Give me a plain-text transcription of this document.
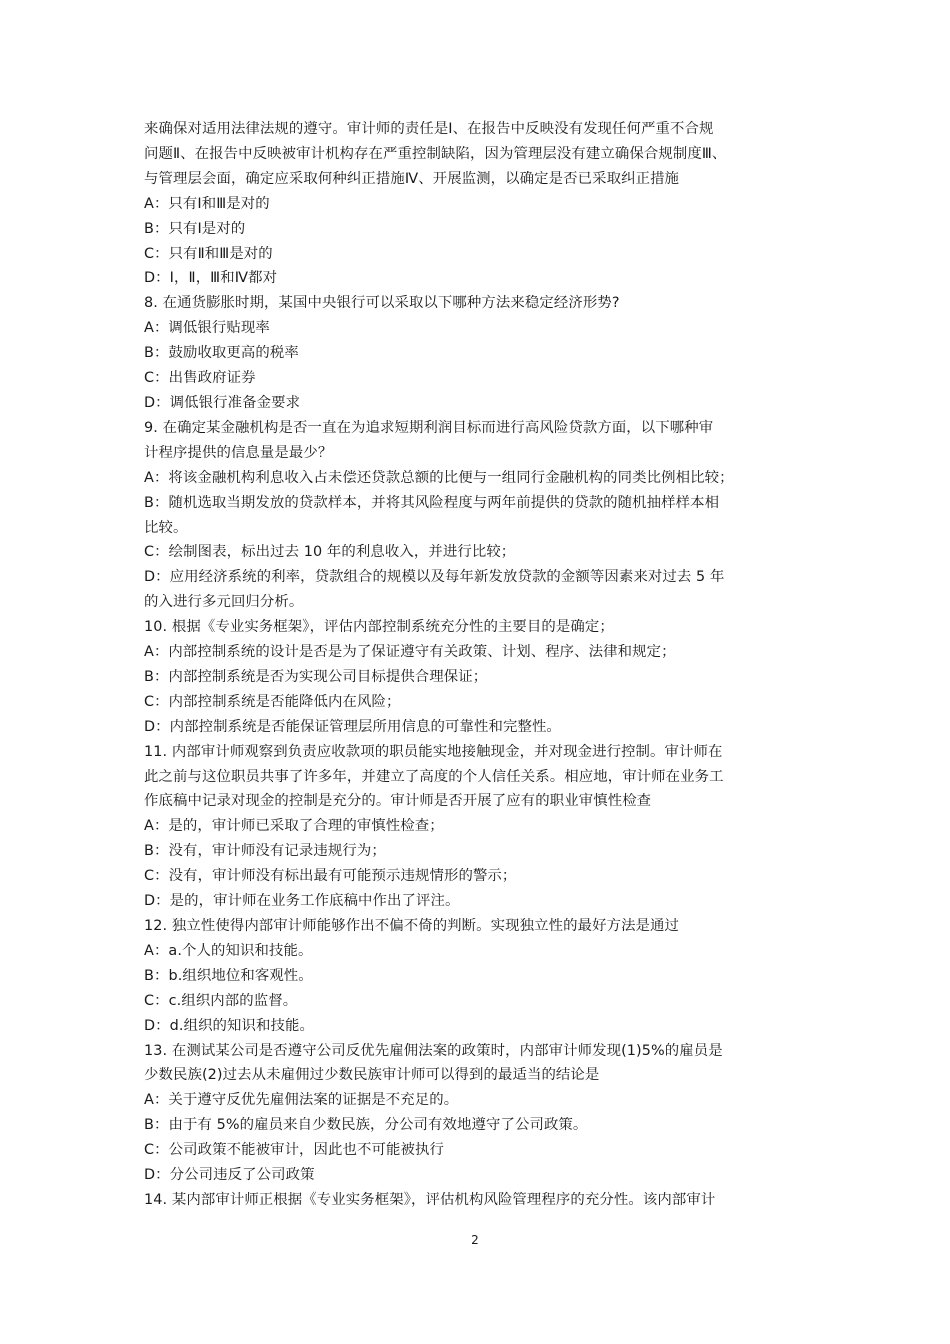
来确保对适用法律法规的遵守。审计师的责任是Ⅰ、在报告中反映没有发现任何严重不合规
问题Ⅱ、在报告中反映被审计机构存在严重控制缺陷，因为管理层没有建立确保合规制度Ⅲ、
与管理层会面，确定应采取何种纠正措施Ⅳ、开展监测，以确定是否已采取纠正措施
A：只有Ⅰ和Ⅲ是对的
B：只有Ⅰ是对的
C：只有Ⅱ和Ⅲ是对的
D：Ⅰ，Ⅱ，Ⅲ和Ⅳ都对
8. 在通货膨胀时期，某国中央银行可以采取以下哪种方法来稳定经济形势?
A：调低银行贴现率
B：鼓励收取更高的税率
C：出售政府证券
D：调低银行准备金要求
9. 在确定某金融机构是否一直在为追求短期利润目标而进行高风险贷款方面，以下哪种审
计程序提供的信息量是最少？
A：将该金融机构利息收入占未偿还贷款总额的比便与一组同行金融机构的同类比例相比较；
B：随机选取当期发放的贷款样本，并将其风险程度与两年前提供的贷款的随机抽样样本相
比较。
C：绘制图表，标出过去 10 年的利息收入，并进行比较；
D：应用经济系统的利率，贷款组合的规模以及每年新发放贷款的金额等因素来对过去 5 年
的入进行多元回归分析。
10. 根据《专业实务框架》，评估内部控制系统充分性的主要目的是确定；
A：内部控制系统的设计是否是为了保证遵守有关政策、计划、程序、法律和规定；
B：内部控制系统是否为实现公司目标提供合理保证；
C：内部控制系统是否能降低内在风险；
D：内部控制系统是否能保证管理层所用信息的可靠性和完整性。
11. 内部审计师观察到负责应收款项的职员能实地接触现金，并对现金进行控制。审计师在
此之前与这位职员共事了许多年，并建立了高度的个人信任关系。相应地，审计师在业务工
作底稿中记录对现金的控制是充分的。审计师是否开展了应有的职业审慎性检查
A：是的，审计师已采取了合理的审慎性检查；
B：没有，审计师没有记录违规行为；
C：没有，审计师没有标出最有可能预示违规情形的警示；
D：是的，审计师在业务工作底稿中作出了评注。
12. 独立性使得内部审计师能够作出不偏不倚的判断。实现独立性的最好方法是通过
A：a.个人的知识和技能。
B：b.组织地位和客观性。
C：c.组织内部的监督。
D：d.组织的知识和技能。
13. 在测试某公司是否遵守公司反优先雇佣法案的政策时，内部审计师发现(1)5%的雇员是
少数民族(2)过去从未雇佣过少数民族审计师可以得到的最适当的结论是
A：关于遵守反优先雇佣法案的证据是不充足的。
B：由于有 5%的雇员来自少数民族，分公司有效地遵守了公司政策。
C：公司政策不能被审计，因此也不可能被执行
D：分公司违反了公司政策
14. 某内部审计师正根据《专业实务框架》，评估机构风险管理程序的充分性。该内部审计
2
